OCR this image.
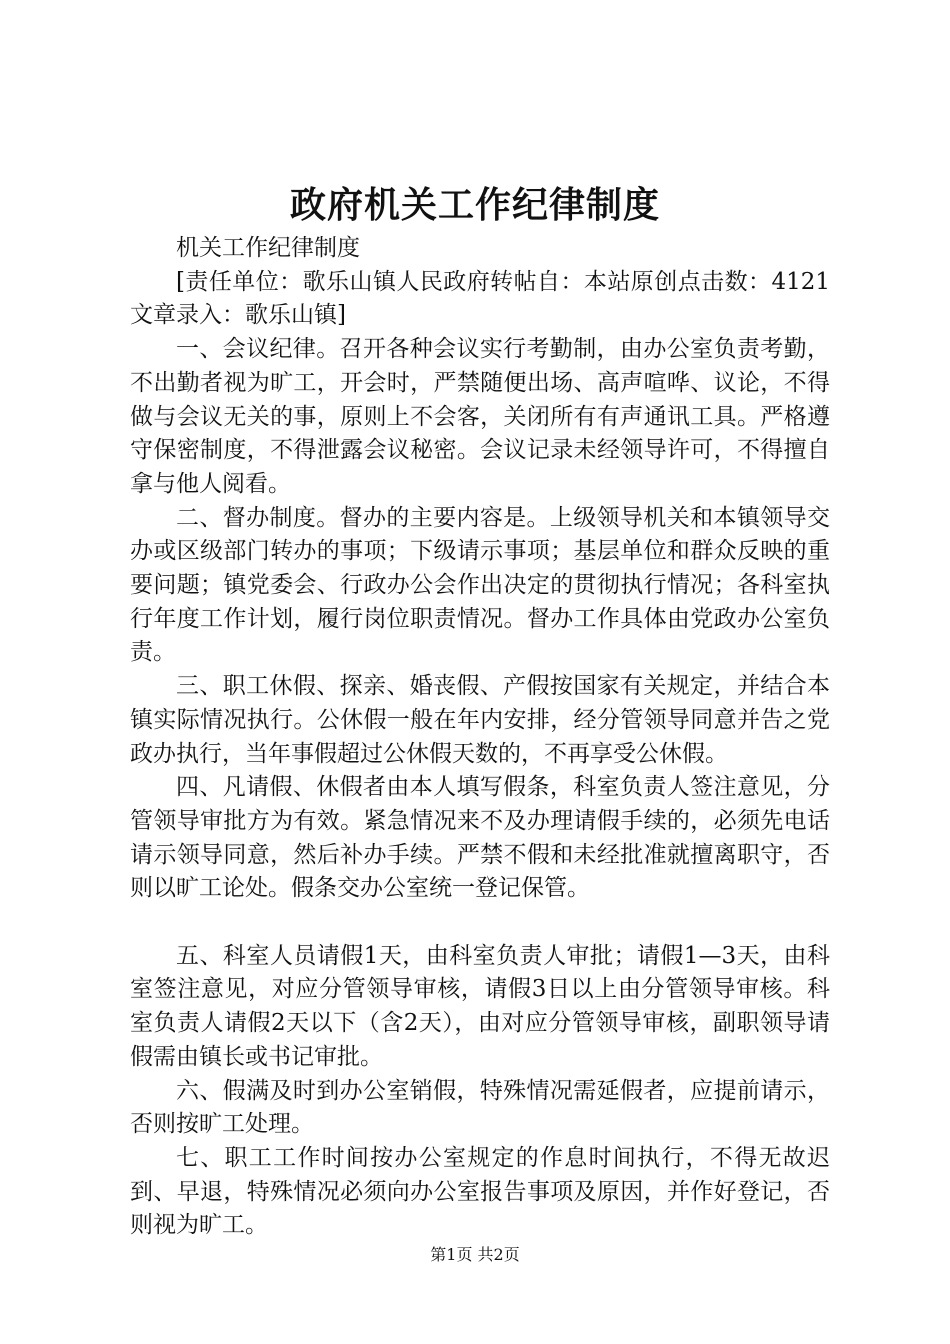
政府机关工作纪律制度

机关工作纪律制度

[责任单位：歌乐山镇人民政府转帖自：本站原创点击数：4121文章录入：歌乐山镇]

一、会议纪律。召开各种会议实行考勤制，由办公室负责考勤，不出勤者视为旷工，开会时，严禁随便出场、高声喧哗、议论，不得做与会议无关的事，原则上不会客，关闭所有有声通讯工具。严格遵守保密制度，不得泄露会议秘密。会议记录未经领导许可，不得擅自拿与他人阅看。

二、督办制度。督办的主要内容是。上级领导机关和本镇领导交办或区级部门转办的事项；下级请示事项；基层单位和群众反映的重要问题；镇党委会、行政办公会作出决定的贯彻执行情况；各科室执行年度工作计划，履行岗位职责情况。督办工作具体由党政办公室负责。

三、职工休假、探亲、婚丧假、产假按国家有关规定，并结合本镇实际情况执行。公休假一般在年内安排，经分管领导同意并告之党政办执行，当年事假超过公休假天数的，不再享受公休假。

四、凡请假、休假者由本人填写假条，科室负责人签注意见，分管领导审批方为有效。紧急情况来不及办理请假手续的，必须先电话请示领导同意，然后补办手续。严禁不假和未经批准就擅离职守，否则以旷工论处。假条交办公室统一登记保管。

五、科室人员请假1天，由科室负责人审批；请假1—3天，由科室签注意见，对应分管领导审核，请假3日以上由分管领导审核。科室负责人请假2天以下（含2天），由对应分管领导审核，副职领导请假需由镇长或书记审批。

六、假满及时到办公室销假，特殊情况需延假者，应提前请示，否则按旷工处理。

七、职工工作时间按办公室规定的作息时间执行，不得无故迟到、早退，特殊情况必须向办公室报告事项及原因，并作好登记，否则视为旷工。

第1页 共2页
